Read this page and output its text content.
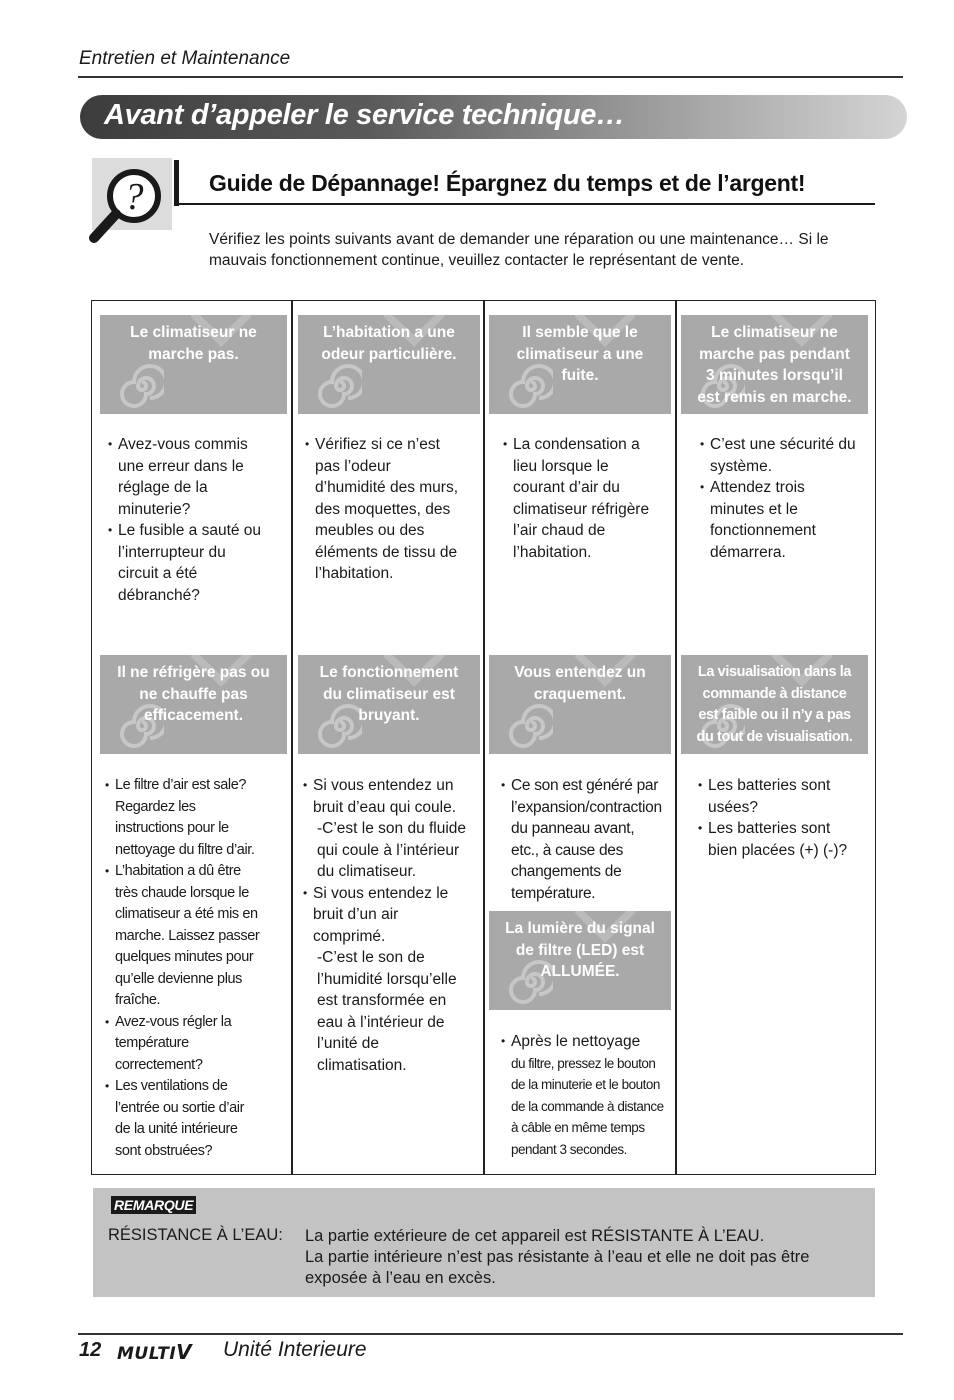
Entretien et Maintenance
Avant d’appeler le service technique…
?	Guide de Dépannage! Épargnez du temps et de l’argent!
Vérifiez les points suivants avant de demander une réparation ou une maintenance… Si le mauvais fonctionnement continue, veuillez contacter le représentant de vente.
Le climatiseur ne
marche pas.

• Avez-vous commis
une erreur dans le
réglage de la
minuterie?
• Le fusible a sauté ou
l’interrupteur du
circuit a été
débranché?
L’habitation a une
odeur particulière.

• Vérifiez si ce n’est
pas l’odeur
d’humidité des murs,
des moquettes, des
meubles ou des
éléments de tissu de
l’habitation.
Il semble que le
climatiseur a une
fuite.

• La condensation a
lieu lorsque le
courant d’air du
climatiseur réfrigère
l’air chaud de
l’habitation.
Le climatiseur ne
marche pas pendant
3 minutes lorsqu’il
est remis en marche.

• C’est une sécurité du
système.
• Attendez trois
minutes et le
fonctionnement
démarrera.
Il ne réfrigère pas ou
ne chauffe pas
efficacement.

• Le filtre d’air est sale?
Regardez les
instructions pour le
nettoyage du filtre d’air.
• L’habitation a dû être
très chaude lorsque le
climatiseur a été mis en
marche. Laissez passer
quelques minutes pour
qu’elle devienne plus
fraîche.
• Avez-vous régler la
température
correctement?
• Les ventilations de
l’entrée ou sortie d’air
de la unité intérieure
sont obstruées?
Le fonctionnement
du climatiseur est
bruyant.

• Si vous entendez un
bruit d’eau qui coule.
-C’est le son du fluide
qui coule à l’intérieur
du climatiseur.
• Si vous entendez le
bruit d’un air
comprimé.
-C’est le son de
l’humidité lorsqu’elle
est transformée en
eau à l’intérieur de
l’unité de
climatisation.
Vous entendez un
craquement.

• Ce son est généré par
l’expansion/contraction
du panneau avant,
etc., à cause des
changements de
température.
La visualisation dans la
commande à distance
est faible ou il n’y a pas
du tout de visualisation.

• Les batteries sont
usées?
• Les batteries sont
bien placées (+) (-)?
La lumière du signal
de filtre (LED) est
ALLUMÉE.

• Après le nettoyage
du filtre, pressez le bouton
de la minuterie et le bouton
de la commande à distance
à câble en même temps
pendant 3 secondes.
REMARQUE
RÉSISTANCE À L’EAU: La partie extérieure de cet appareil est RÉSISTANTE À L’EAU.
La partie intérieure n’est pas résistante à l’eau et elle ne doit pas être
exposée à l’eau en excès.
12 MULTIV Unité Interieure
